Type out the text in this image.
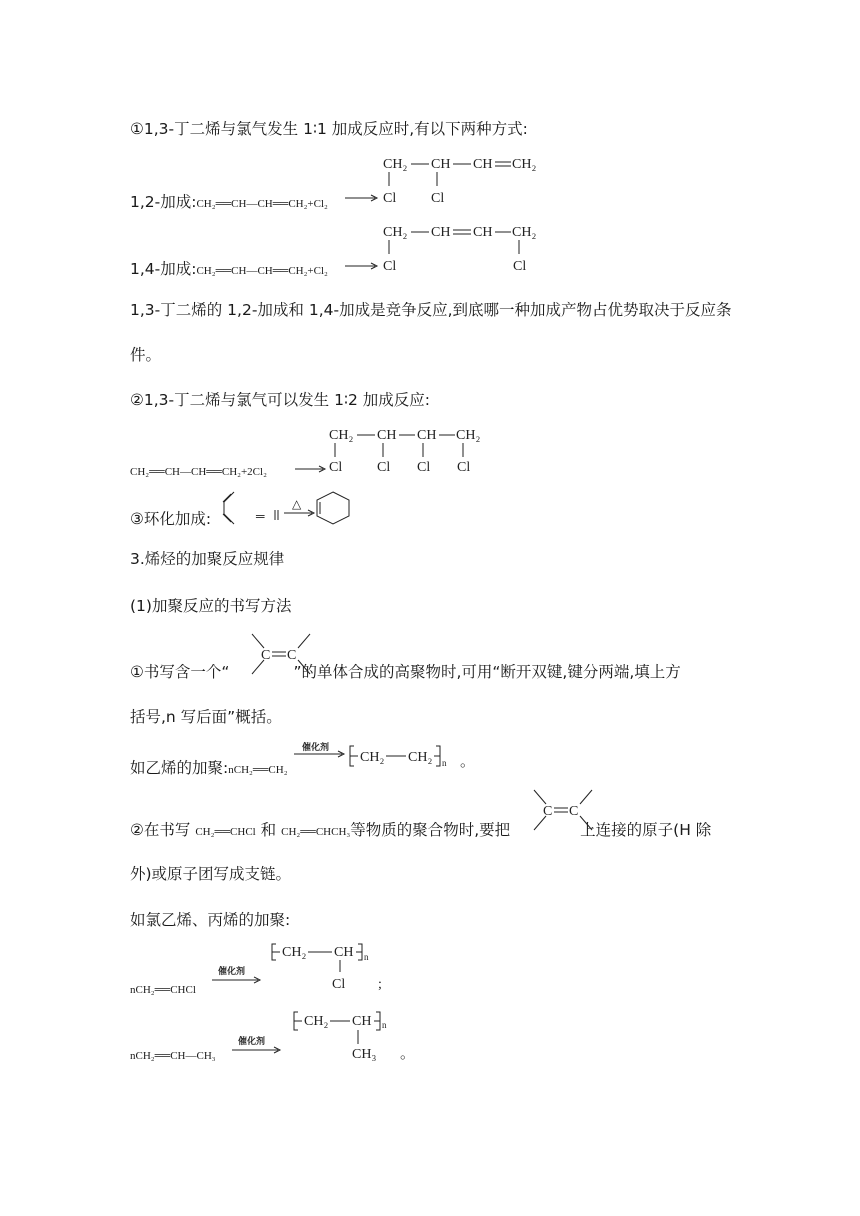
①1,3-丁二烯与氯气发生 1∶1 加成反应时,有以下两种方式:
1,2-加成:CH₂══CH—CH══CH₂+Cl₂
CH₂ CH CH CH₂
Cl Cl
1,4-加成:CH₂══CH—CH══CH₂+Cl₂
CH₂ CH CH CH₂
Cl	Cl
1,3-丁二烯的 1,2-加成和 1,4-加成是竞争反应,到底哪一种加成产物占优势取决于反应条
件。
②1,3-丁二烯与氯气可以发生 1∶2 加成反应:
CH₂══CH—CH══CH₂+2Cl₂
CH₂ CH CH CH₂
Cl Cl Cl Cl
③环化加成:	═
△
3.烯烃的加聚反应规律
(1)加聚反应的书写方法
①书写含一个“	”的单体合成的高聚物时,可用“断开双键,键分两端,填上方
C C
括号,n 写后面”概括。
如乙烯的加聚:nCH₂══CH₂
催化剂
CH₂ CH₂ n 。
②在书写 CH₂══CHCl 和 CH₂══CHCH₃等物质的聚合物时,要把	上连接的原子(H 除
C C
外)或原子团写成支链。
如氯乙烯、丙烯的加聚:
nCH₂══CHCl
催化剂
CH₂ CH n
Cl ;
nCH₂══CH—CH₃
催化剂
CH₂ CH n
CH₃ 。
